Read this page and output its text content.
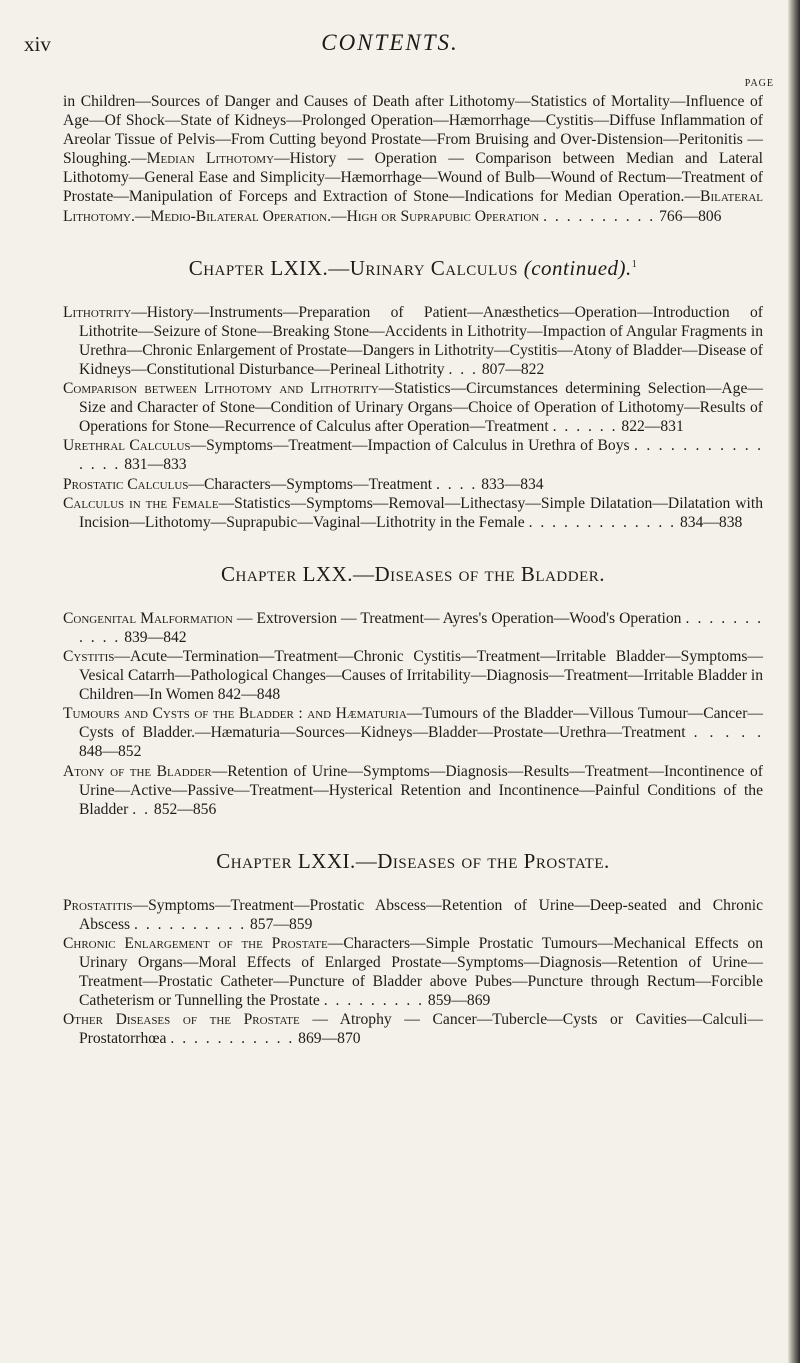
xiv	CONTENTS.
PAGE

in Children—Sources of Danger and Causes of Death after Lithotomy—Statistics of Mortality—Influence of Age—Of Shock—State of Kidneys—Prolonged Operation—Hæmorrhage—Cystitis—Diffuse Inflammation of Areolar Tissue of Pelvis—From Cutting beyond Prostate—From Bruising and Over-Distension—Peritonitis — Sloughing.—Median Lithotomy—History — Operation — Comparison between Median and Lateral Lithotomy—General Ease and Simplicity—Hæmorrhage—Wound of Bulb—Wound of Rectum—Treatment of Prostate—Manipulation of Forceps and Extraction of Stone—Indications for Median Operation.—Bilateral Lithotomy.—Medio-Bilateral Operation.—High or Suprapubic Operation . . . . . . . . . . 766—806

Chapter LXIX.—Urinary Calculus (continued).$^1$

Lithotrity—History—Instruments—Preparation of Patient—Anæsthetics—Operation—Introduction of Lithotrite—Seizure of Stone—Breaking Stone—Accidents in Lithotrity—Impaction of Angular Fragments in Urethra—Chronic Enlargement of Prostate—Dangers in Lithotrity—Cystitis—Atony of Bladder—Disease of Kidneys—Constitutional Disturbance—Perineal Lithotrity . . . 807—822

Comparison between Lithotomy and Lithotrity—Statistics—Circumstances determining Selection—Age—Size and Character of Stone—Condition of Urinary Organs—Choice of Operation of Lithotomy—Results of Operations for Stone—Recurrence of Calculus after Operation—Treatment . . . . . . 822—831

Urethral Calculus—Symptoms—Treatment—Impaction of Calculus in Urethra of Boys . . . . . . . . . . . . . . . 831—833

Prostatic Calculus—Characters—Symptoms—Treatment . . . . 833—834

Calculus in the Female—Statistics—Symptoms—Removal—Lithectasy—Simple Dilatation—Dilatation with Incision—Lithotomy—Suprapubic—Vaginal—Lithotrity in the Female . . . . . . . . . . . . . 834—838

Chapter LXX.—Diseases of the Bladder.

Congenital Malformation — Extroversion — Treatment— Ayres's Operation—Wood's Operation . . . . . . . . . . . 839—842

Cystitis—Acute—Termination—Treatment—Chronic Cystitis—Treatment—Irritable Bladder—Symptoms—Vesical Catarrh—Pathological Changes—Causes of Irritability—Diagnosis—Treatment—Irritable Bladder in Children—In Women 842—848

Tumours and Cysts of the Bladder : and Hæmaturia—Tumours of the Bladder—Villous Tumour—Cancer—Cysts of Bladder.—Hæmaturia—Sources—Kidneys—Bladder—Prostate—Urethra—Treatment . . . . . 848—852

Atony of the Bladder—Retention of Urine—Symptoms—Diagnosis—Results—Treatment—Incontinence of Urine—Active—Passive—Treatment—Hysterical Retention and Incontinence—Painful Conditions of the Bladder . . 852—856

Chapter LXXI.—Diseases of the Prostate.

Prostatitis—Symptoms—Treatment—Prostatic Abscess—Retention of Urine—Deep-seated and Chronic Abscess . . . . . . . . . . 857—859

Chronic Enlargement of the Prostate—Characters—Simple Prostatic Tumours—Mechanical Effects on Urinary Organs—Moral Effects of Enlarged Prostate—Symptoms—Diagnosis—Retention of Urine—Treatment—Prostatic Catheter—Puncture of Bladder above Pubes—Puncture through Rectum—Forcible Catheterism or Tunnelling the Prostate . . . . . . . . . 859—869

Other Diseases of the Prostate — Atrophy — Cancer—Tubercle—Cysts or Cavities—Calculi—Prostatorrhœa . . . . . . . . . . . 869—870
